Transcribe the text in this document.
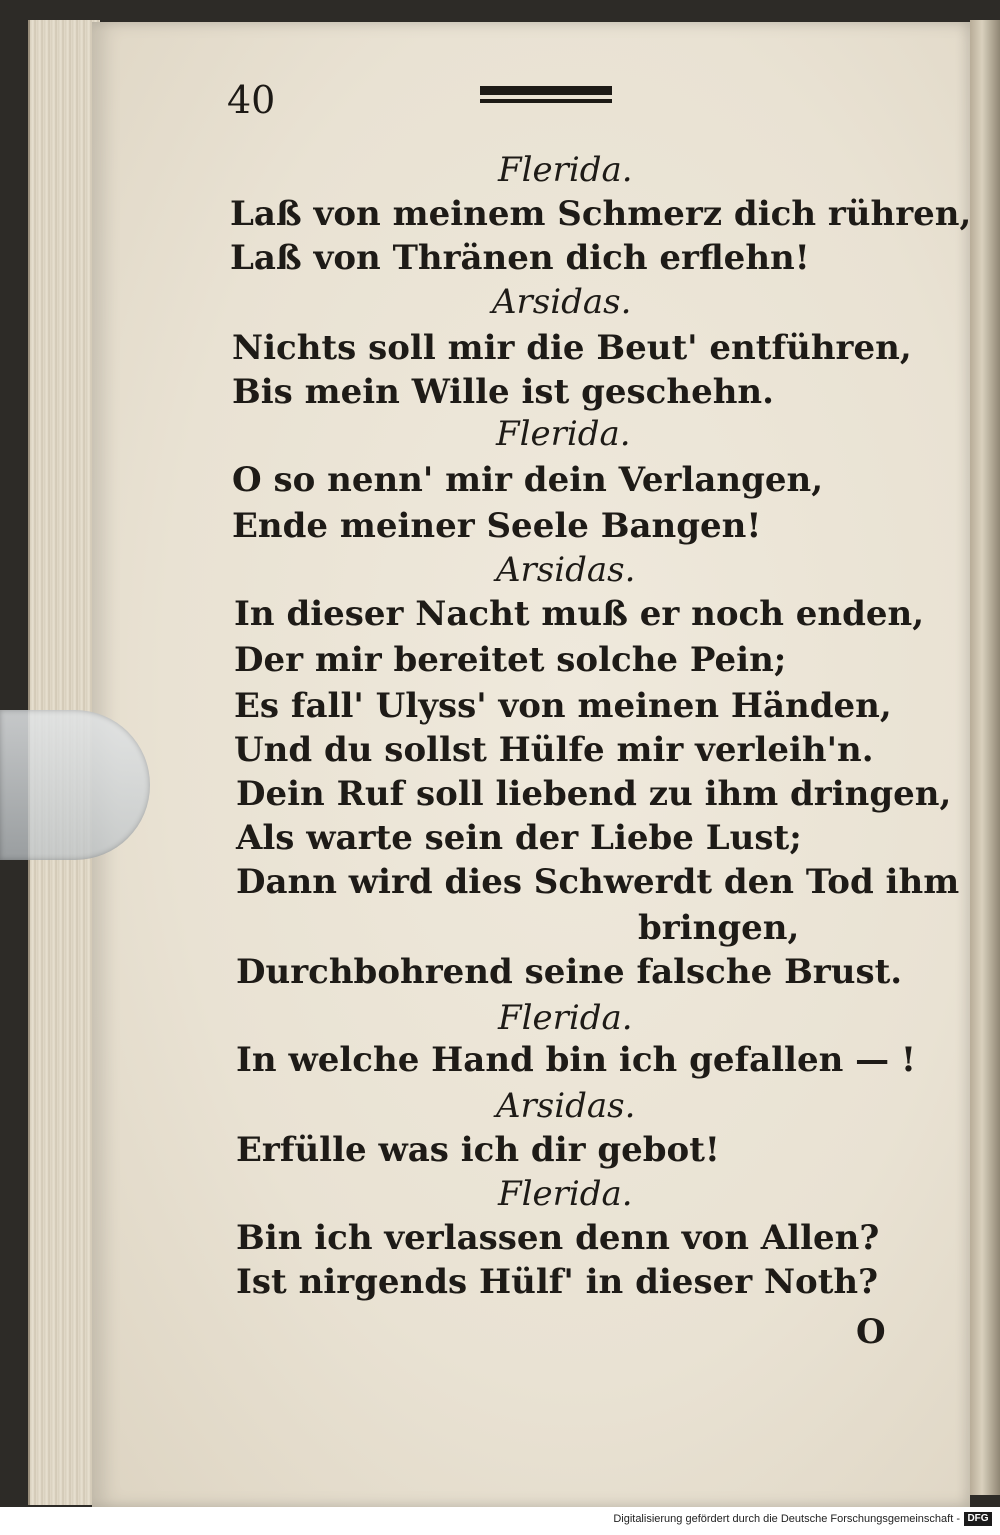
40
Flerida.
Laß von meinem Schmerz dich rühren,
Laß von Thränen dich erflehn!
Arsidas.
Nichts soll mir die Beut' entführen,
Bis mein Wille ist geschehn.
Flerida.
O so nenn' mir dein Verlangen,
Ende meiner Seele Bangen!
Arsidas.
In dieser Nacht muß er noch enden,
Der mir bereitet solche Pein;
Es fall' Ulyss' von meinen Händen,
Und du sollst Hülfe mir verleih'n.
Dein Ruf soll liebend zu ihm dringen,
Als warte sein der Liebe Lust;
Dann wird dies Schwerdt den Tod ihm
bringen,
Durchbohrend seine falsche Brust.
Flerida.
In welche Hand bin ich gefallen — !
Arsidas.
Erfülle was ich dir gebot!
Flerida.
Bin ich verlassen denn von Allen?
Ist nirgends Hülf' in dieser Noth?
O
Digitalisierung gefördert durch die Deutsche Forschungsgemeinschaft - DFG
